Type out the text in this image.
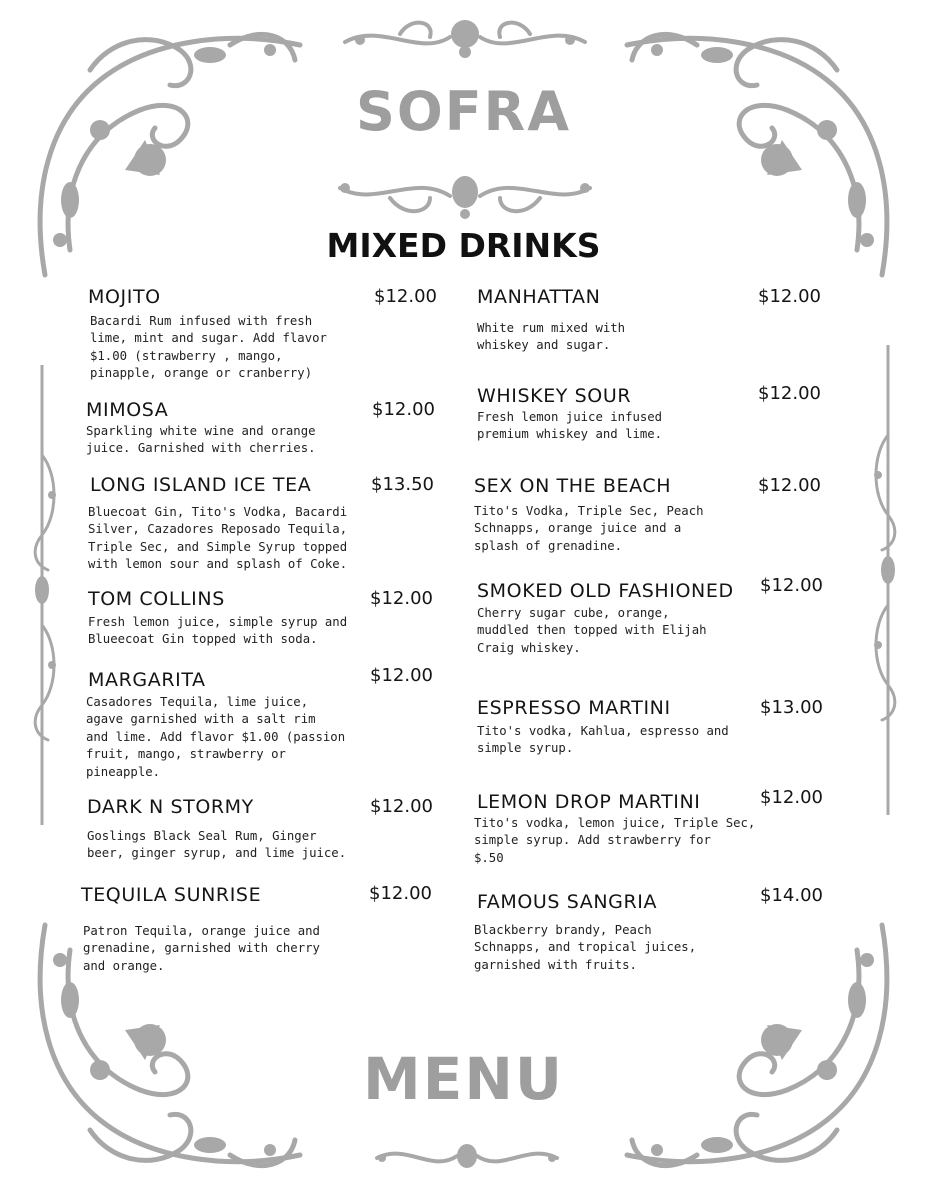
SOFRA
MIXED DRINKS
MENU
MOJITO	$12.00
Bacardi Rum infused with fresh
lime, mint and sugar. Add flavor
$1.00 (strawberry , mango,
pinapple, orange or cranberry)
MIMOSA	$12.00
Sparkling white wine and orange
juice. Garnished with cherries.
LONG ISLAND ICE TEA	$13.50
Bluecoat Gin, Tito's Vodka, Bacardi
Silver, Cazadores Reposado Tequila,
Triple Sec, and Simple Syrup topped
with lemon sour and splash of Coke.
TOM COLLINS	$12.00
Fresh lemon juice, simple syrup and
Blueecoat Gin topped with soda.
MARGARITA	$12.00
Casadores Tequila, lime juice,
agave garnished with a salt rim
and lime. Add flavor $1.00 (passion
fruit, mango, strawberry or
pineapple.
DARK N STORMY	$12.00
Goslings Black Seal Rum, Ginger
beer, ginger syrup, and lime juice.
TEQUILA SUNRISE	$12.00
Patron Tequila, orange juice and
grenadine, garnished with cherry
and orange.
MANHATTAN	$12.00
White rum mixed with
whiskey and sugar.
WHISKEY SOUR	$12.00
Fresh lemon juice infused
premium whiskey and lime.
SEX ON THE BEACH	$12.00
Tito's Vodka, Triple Sec, Peach
Schnapps, orange juice and a
splash of grenadine.
SMOKED OLD FASHIONED $12.00
Cherry sugar cube, orange,
muddled then topped with Elijah
Craig whiskey.
ESPRESSO MARTINI	$13.00
Tito's vodka, Kahlua, espresso and
simple syrup.
LEMON DROP MARTINI	$12.00
Tito's vodka, lemon juice, Triple Sec,
simple syrup. Add strawberry for
$.50
FAMOUS SANGRIA	$14.00
Blackberry brandy, Peach
Schnapps, and tropical juices,
garnished with fruits.
